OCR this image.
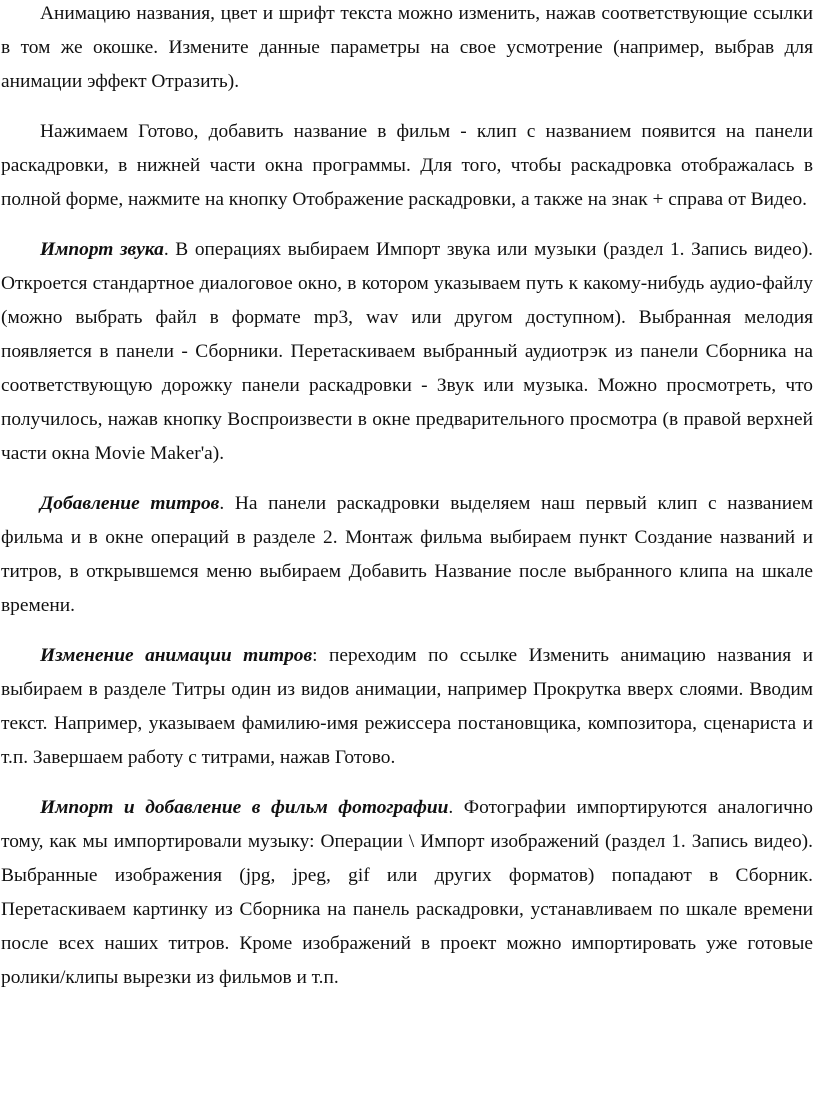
Анимацию названия, цвет и шрифт текста можно изменить, нажав соответствующие ссылки в том же окошке. Измените данные параметры на свое усмотрение (например, выбрав для анимации эффект Отразить).

Нажимаем Готово, добавить название в фильм - клип с названием появится на панели раскадровки, в нижней части окна программы. Для того, чтобы раскадровка отображалась в полной форме, нажмите на кнопку Отображение раскадровки, а также на знак + справа от Видео.

Импорт звука. В операциях выбираем Импорт звука или музыки (раздел 1. Запись видео). Откроется стандартное диалоговое окно, в котором указываем путь к какому-нибудь аудио-файлу (можно выбрать файл в формате mp3, wav или другом доступном). Выбранная мелодия появляется в панели - Сборники. Перетаскиваем выбранный аудиотрэк из панели Сборника на соответствующую дорожку панели раскадровки - Звук или музыка. Можно просмотреть, что получилось, нажав кнопку Воспроизвести в окне предварительного просмотра (в правой верхней части окна Movie Maker'a).

Добавление титров. На панели раскадровки выделяем наш первый клип с названием фильма и в окне операций в разделе 2. Монтаж фильма выбираем пункт Создание названий и титров, в открывшемся меню выбираем Добавить Название после выбранного клипа на шкале времени.

Изменение анимации титров: переходим по ссылке Изменить анимацию названия и выбираем в разделе Титры один из видов анимации, например Прокрутка вверх слоями. Вводим текст. Например, указываем фамилию-имя режиссера постановщика, композитора, сценариста и т.п. Завершаем работу с титрами, нажав Готово.

Импорт и добавление в фильм фотографии. Фотографии импортируются аналогично тому, как мы импортировали музыку: Операции \ Импорт изображений (раздел 1. Запись видео). Выбранные изображения (jpg, jpeg, gif или других форматов) попадают в Сборник. Перетаскиваем картинку из Сборника на панель раскадровки, устанавливаем по шкале времени после всех наших титров. Кроме изображений в проект можно импортировать уже готовые ролики/клипы вырезки из фильмов и т.п.
